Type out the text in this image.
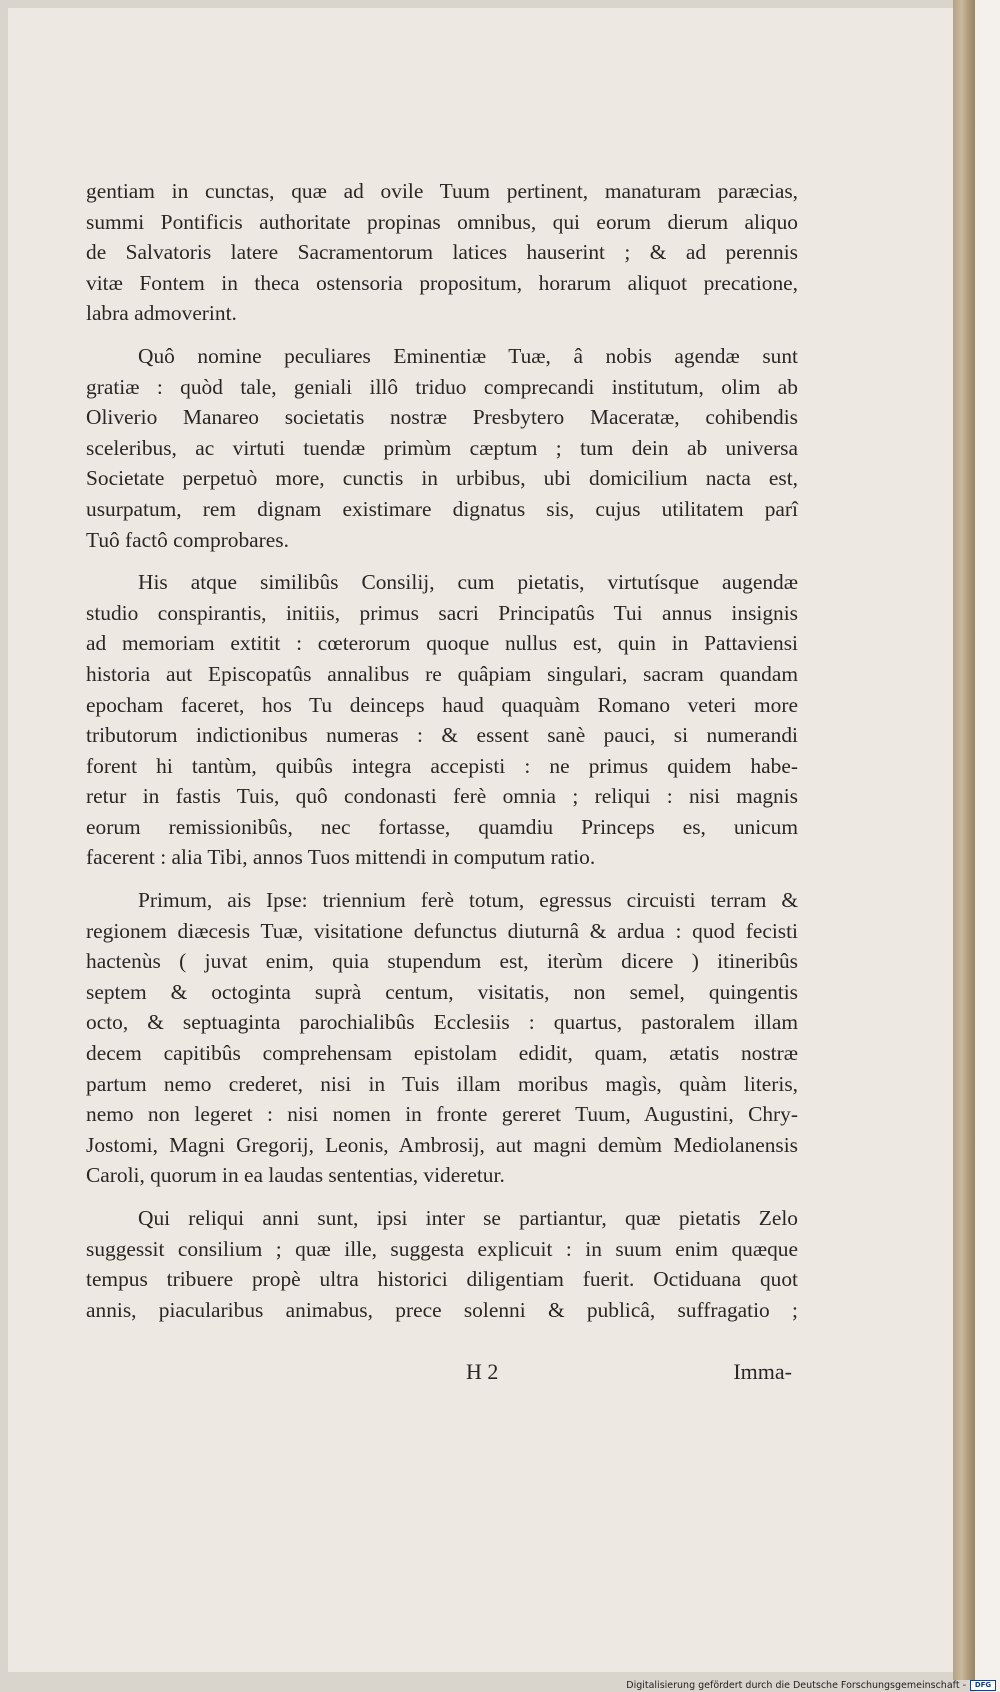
gentiam in cunctas, quæ ad ovile Tuum pertinent, manaturam paræcias,
summi Pontificis authoritate propinas omnibus, qui eorum dierum aliquo
de Salvatoris latere Sacramentorum latices hauserint ; & ad perennis
vitæ Fontem in theca ostensoria propositum, horarum aliquot precatione,
labra admoverint.
Quô nomine peculiares Eminentiæ Tuæ, â nobis agendæ sunt
gratiæ : quòd tale, geniali illô triduo comprecandi institutum, olim ab
Oliverio Manareo societatis nostræ Presbytero Maceratæ, cohibendis
sceleribus, ac virtuti tuendæ primùm cæptum ; tum dein ab universa
Societate perpetuò more, cunctis in urbibus, ubi domicilium nacta est,
usurpatum, rem dignam existimare dignatus sis, cujus utilitatem parî
Tuô factô comprobares.
His atque similibûs Consilij, cum pietatis, virtutísque augendæ
studio conspirantis, initiis, primus sacri Principatûs Tui annus insignis
ad memoriam extitit : cœterorum quoque nullus est, quin in Pattaviensi
historia aut Episcopatûs annalibus re quâpiam singulari, sacram quandam
epocham faceret, hos Tu deinceps haud quaquàm Romano veteri more
tributorum indictionibus numeras : & essent sanè pauci, si numerandi
forent hi tantùm, quibûs integra accepisti : ne primus quidem habe-
retur in fastis Tuis, quô condonasti ferè omnia ; reliqui : nisi magnis
eorum remissionibûs, nec fortasse, quamdiu Princeps es, unicum
facerent : alia Tibi, annos Tuos mittendi in computum ratio.
Primum, ais Ipse: triennium ferè totum, egressus circuisti terram &
regionem diæcesis Tuæ, visitatione defunctus diuturnâ & ardua : quod fecisti
hactenùs ( juvat enim, quia stupendum est, iterùm dicere ) itineribûs
septem & octoginta suprà centum, visitatis, non semel, quingentis
octo, & septuaginta parochialibûs Ecclesiis : quartus, pastoralem illam
decem capitibûs comprehensam epistolam edidit, quam, ætatis nostræ
partum nemo crederet, nisi in Tuis illam moribus magìs, quàm literis,
nemo non legeret : nisi nomen in fronte gereret Tuum, Augustini, Chry-
Jostomi, Magni Gregorij, Leonis, Ambrosij, aut magni demùm Mediolanensis
Caroli, quorum in ea laudas sententias, videretur.
Qui reliqui anni sunt, ipsi inter se partiantur, quæ pietatis Zelo
suggessit consilium ; quæ ille, suggesta explicuit : in suum enim quæque
tempus tribuere propè ultra historici diligentiam fuerit. Octiduana quot
annis, piacularibus animabus, prece solenni & publicâ, suffragatio ;
H 2	Imma-
Digitalisierung gefördert durch die Deutsche Forschungsgemeinschaft -	DFG
